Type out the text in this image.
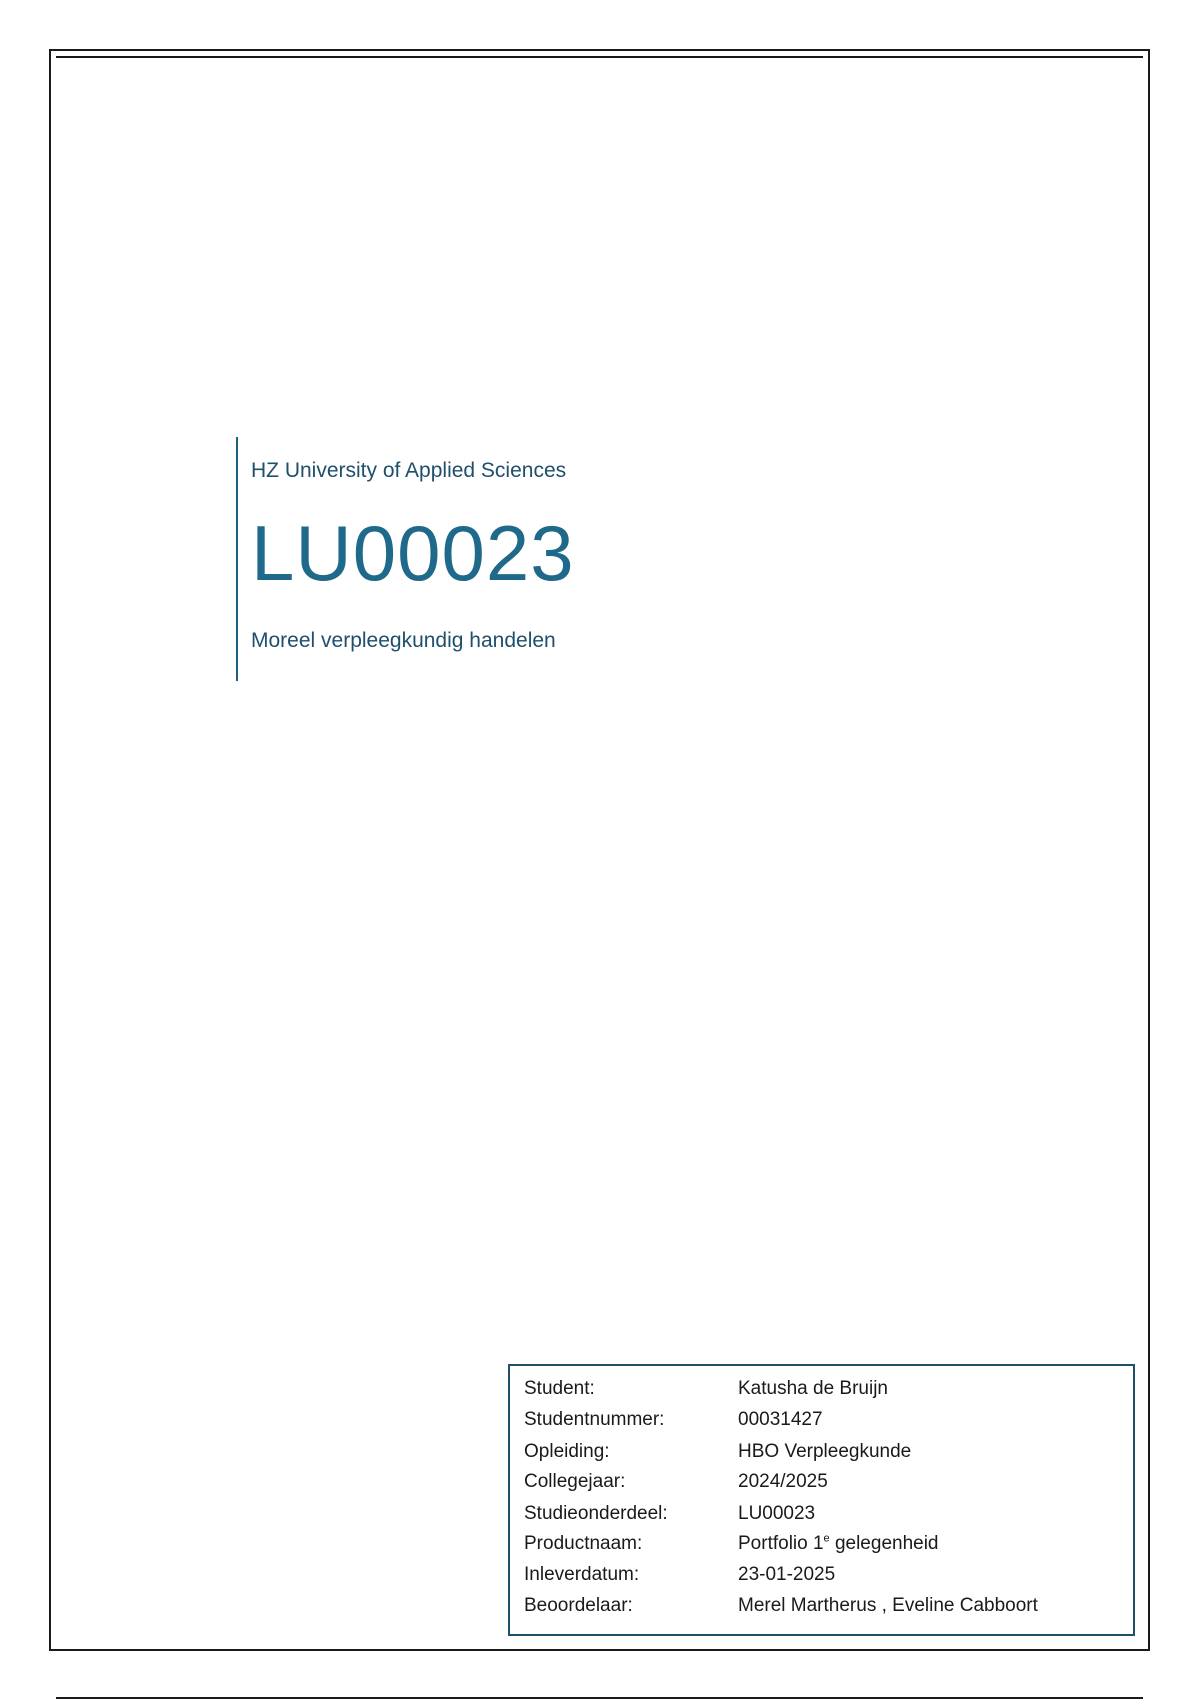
HZ University of Applied Sciences
LU00023
Moreel verpleegkundig handelen
Student:	Katusha de Bruijn
Studentnummer:	00031427
Opleiding:	HBO Verpleegkunde
Collegejaar:	2024/2025
Studieonderdeel:	LU00023
Productnaam:	Portfolio 1e gelegenheid
Inleverdatum:	23-01-2025
Beoordelaar:	Merel Martherus , Eveline Cabboort
